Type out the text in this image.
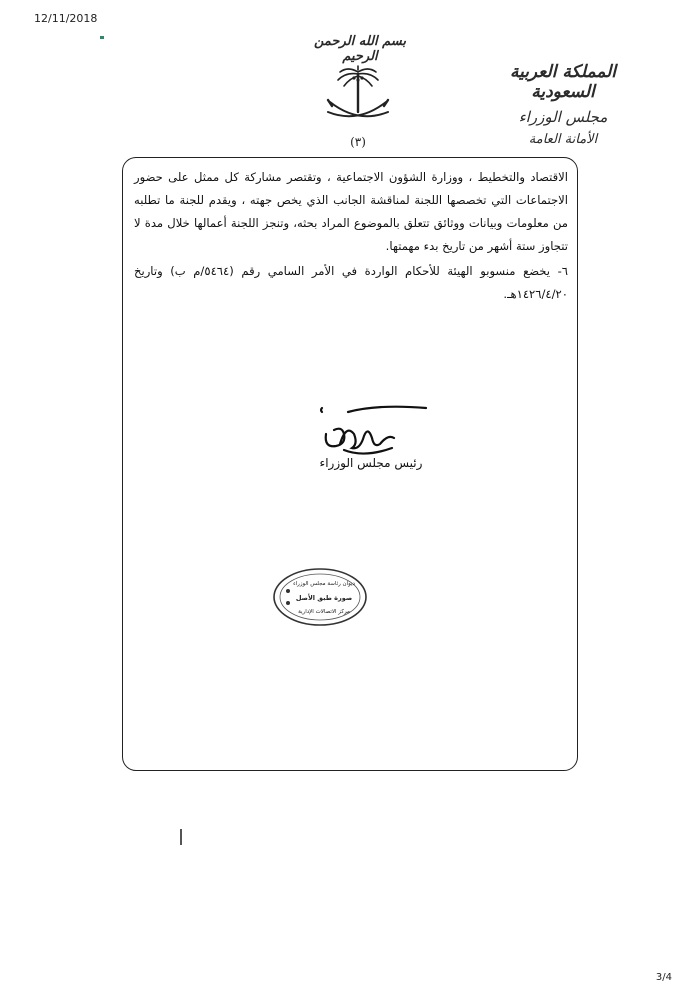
12/11/2018
بسم الله الرحمن الرحيم
(٣)
المملكة العربية السعودية
مجلس الوزراء
الأمانة العامة

الاقتصاد والتخطيط ، ووزارة الشؤون الاجتماعية ، وتقتصر مشاركة كل ممثل على حضور الاجتماعات التي تخصصها اللجنة لمناقشة الجانب الذي يخص جهته ، ويقدم للجنة ما تطلبه من معلومات وبيانات ووثائق تتعلق بالموضوع المراد بحثه، وتنجز اللجنة أعمالها خلال مدة لا تتجاوز ستة أشهر من تاريخ بدء مهمتها.

٦- يخضع منسوبو الهيئة للأحكام الواردة في الأمر السامي رقم (٥٤٦٤/م ب) وتاريخ ١٤٢٦/٤/٢٠هـ.

رئيس مجلس الوزراء
ديوان رئاسة مجلس الوزراء
صورة طبق الأصل
مركز الاتصالات الإدارية
3/4
